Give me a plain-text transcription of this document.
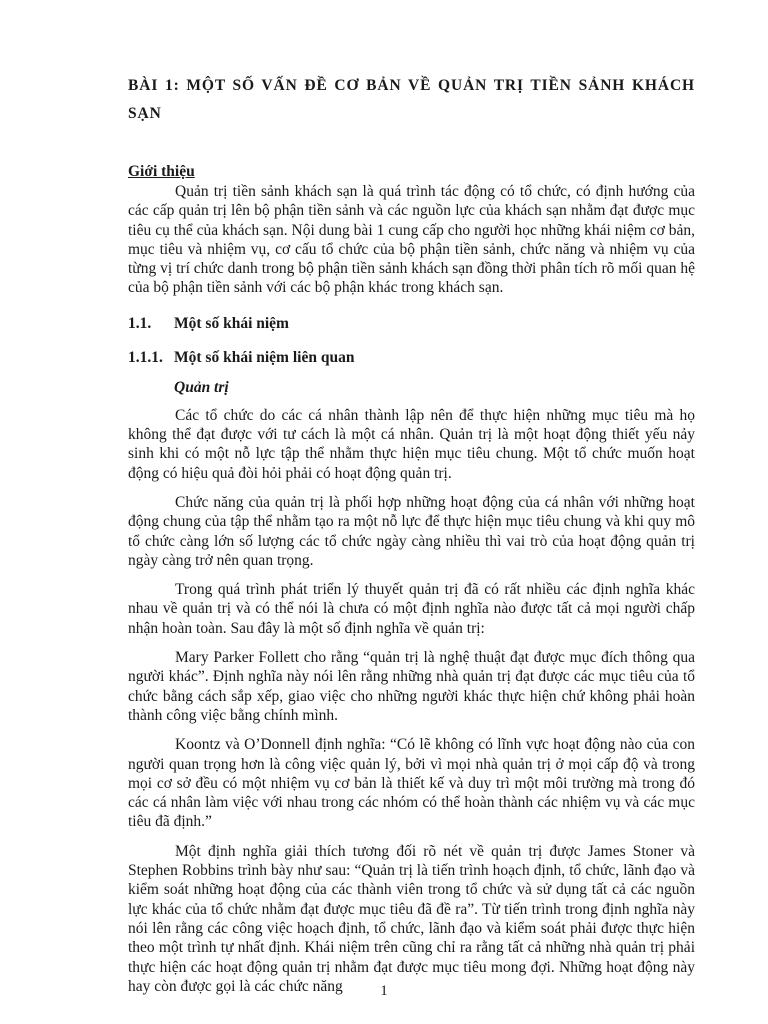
BÀI 1: MỘT SỐ VẤN ĐỀ CƠ BẢN VỀ QUẢN TRỊ TIỀN SẢNH KHÁCH SẠN
Giới thiệu

Quản trị tiền sảnh khách sạn là quá trình tác động có tổ chức, có định hướng của các cấp quản trị lên bộ phận tiền sảnh và các nguồn lực của khách sạn nhằm đạt được mục tiêu cụ thể của khách sạn. Nội dung bài 1 cung cấp cho người học những khái niệm cơ bản, mục tiêu và nhiệm vụ, cơ cấu tổ chức của bộ phận tiền sảnh, chức năng và nhiệm vụ của từng vị trí chức danh trong bộ phận tiền sảnh khách sạn đồng thời phân tích rõ mối quan hệ của bộ phận tiền sảnh với các bộ phận khác trong khách sạn.

1.1.	Một số khái niệm
1.1.1. Một số khái niệm liên quan
Quản trị

Các tổ chức do các cá nhân thành lập nên để thực hiện những mục tiêu mà họ không thể đạt được với tư cách là một cá nhân. Quản trị là một hoạt động thiết yếu nảy sinh khi có một nỗ lực tập thể nhằm thực hiện mục tiêu chung. Một tổ chức muốn hoạt động có hiệu quả đòi hỏi phải có hoạt động quản trị.

Chức năng của quản trị là phối hợp những hoạt động của cá nhân với những hoạt động chung của tập thể nhằm tạo ra một nỗ lực để thực hiện mục tiêu chung và khi quy mô tổ chức càng lớn số lượng các tổ chức ngày càng nhiều thì vai trò của hoạt động quản trị ngày càng trở nên quan trọng.

Trong quá trình phát triển lý thuyết quản trị đã có rất nhiều các định nghĩa khác nhau về quản trị và có thể nói là chưa có một định nghĩa nào được tất cả mọi người chấp nhận hoàn toàn. Sau đây là một số định nghĩa về quản trị:

Mary Parker Follett cho rằng “quản trị là nghệ thuật đạt được mục đích thông qua người khác”. Định nghĩa này nói lên rằng những nhà quản trị đạt được các mục tiêu của tổ chức bằng cách sắp xếp, giao việc cho những người khác thực hiện chứ không phải hoàn thành công việc bằng chính mình.

Koontz và O’Donnell định nghĩa: “Có lẽ không có lĩnh vực hoạt động nào của con người quan trọng hơn là công việc quản lý, bởi vì mọi nhà quản trị ở mọi cấp độ và trong mọi cơ sở đều có một nhiệm vụ cơ bản là thiết kế và duy trì một môi trường mà trong đó các cá nhân làm việc với nhau trong các nhóm có thể hoàn thành các nhiệm vụ và các mục tiêu đã định.”

Một định nghĩa giải thích tương đối rõ nét về quản trị được James Stoner và Stephen Robbins trình bày như sau: “Quản trị là tiến trình hoạch định, tổ chức, lãnh đạo và kiểm soát những hoạt động của các thành viên trong tổ chức và sử dụng tất cả các nguồn lực khác của tổ chức nhằm đạt được mục tiêu đã đề ra”. Từ tiến trình trong định nghĩa này nói lên rằng các công việc hoạch định, tổ chức, lãnh đạo và kiểm soát phải được thực hiện theo một trình tự nhất định. Khái niệm trên cũng chỉ ra rằng tất cả những nhà quản trị phải thực hiện các hoạt động quản trị nhằm đạt được mục tiêu mong đợi. Những hoạt động này hay còn được gọi là các chức năng	1
